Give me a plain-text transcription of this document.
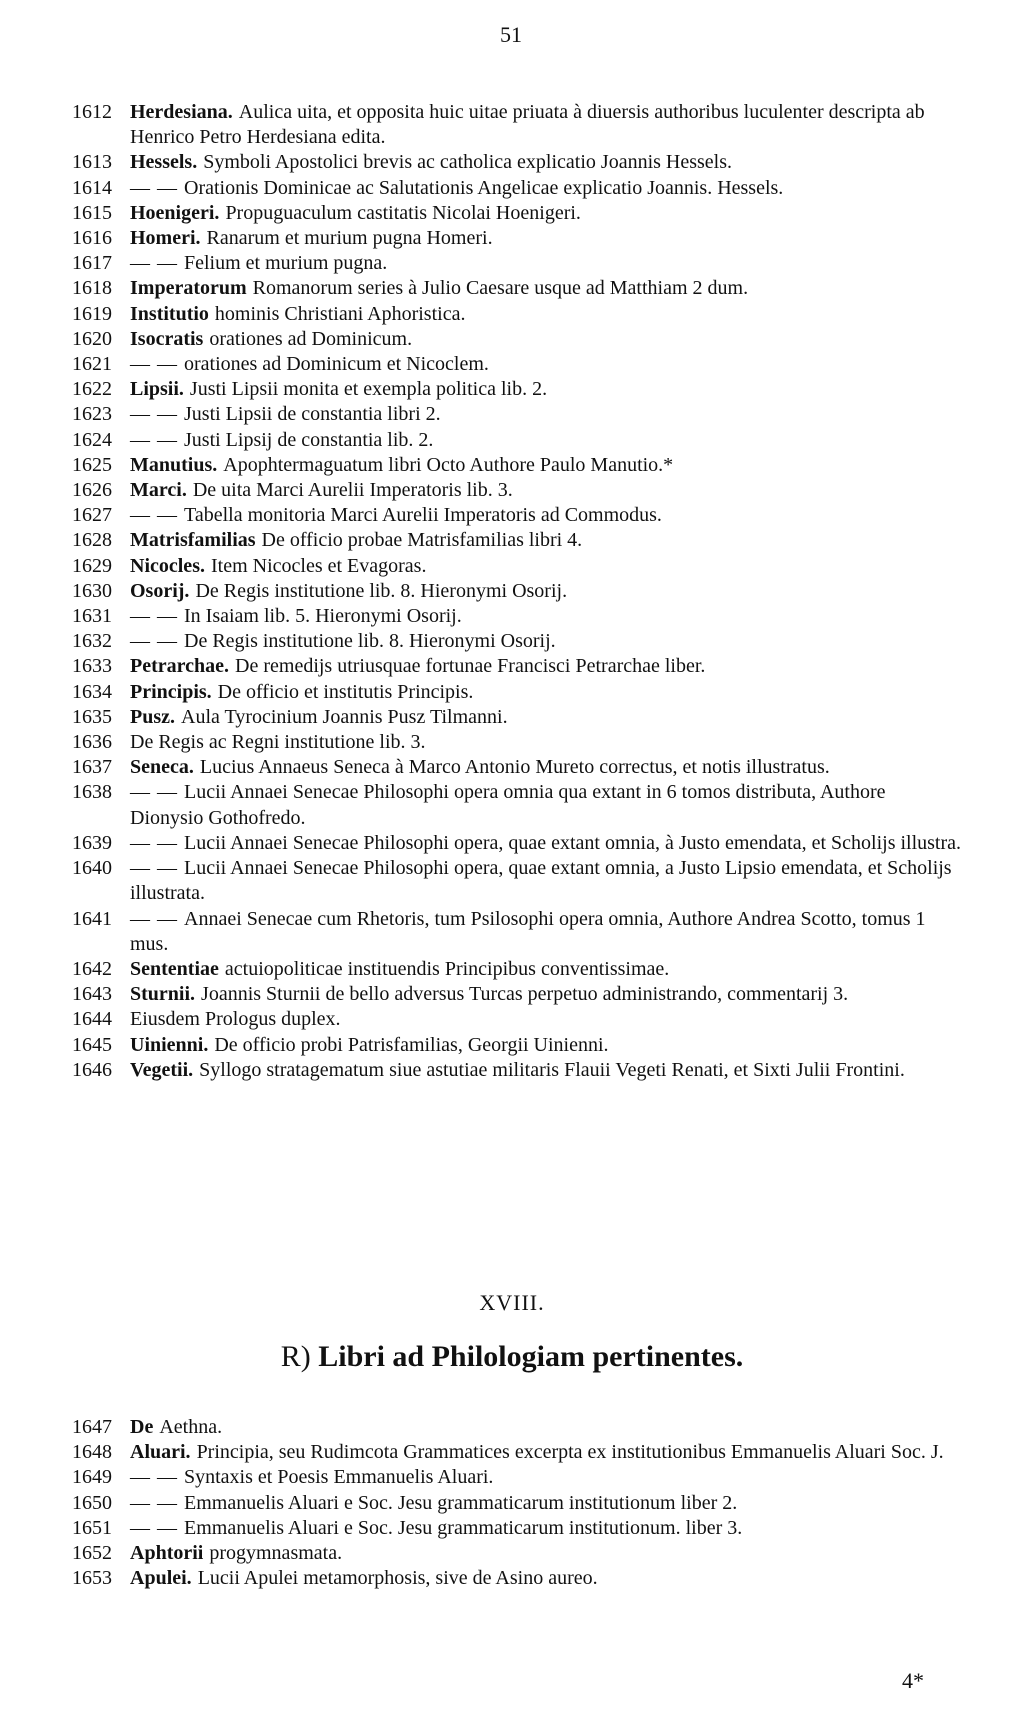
51
1612 Herdesiana. Aulica uita, et opposita huic uitae priuata à diuersis authoribus luculenter descripta ab Henrico Petro Herdesiana edita.
1613 Hessels. Symboli Apostolici brevis ac catholica explicatio Joannis Hessels.
1614 — — Orationis Dominicae ac Salutationis Angelicae explicatio Joannis. Hessels.
1615 Hoenigeri. Propuguaculum castitatis Nicolai Hoenigeri.
1616 Homeri. Ranarum et murium pugna Homeri.
1617 — — Felium et murium pugna.
1618 Imperatorum Romanorum series à Julio Caesare usque ad Matthiam 2 dum.
1619 Institutio hominis Christiani Aphoristica.
1620 Isocratis orationes ad Dominicum.
1621 — — orationes ad Dominicum et Nicoclem.
1622 Lipsii. Justi Lipsii monita et exempla politica lib. 2.
1623 — — Justi Lipsii de constantia libri 2.
1624 — — Justi Lipsij de constantia lib. 2.
1625 Manutius. Apophtermaguatum libri Octo Authore Paulo Manutio.*
1626 Marci. De uita Marci Aurelii Imperatoris lib. 3.
1627 — — Tabella monitoria Marci Aurelii Imperatoris ad Commodus.
1628 Matrisfamilias De officio probae Matrisfamilias libri 4.
1629 Nicocles. Item Nicocles et Evagoras.
1630 Osorij. De Regis institutione lib. 8. Hieronymi Osorij.
1631 — — In Isaiam lib. 5. Hieronymi Osorij.
1632 — — De Regis institutione lib. 8. Hieronymi Osorij.
1633 Petrarchae. De remedijs utriusquae fortunae Francisci Petrarchae liber.
1634 Principis. De officio et institutis Principis.
1635 Pusz. Aula Tyrocinium Joannis Pusz Tilmanni.
1636 De Regis ac Regni institutione lib. 3.
1637 Seneca. Lucius Annaeus Seneca à Marco Antonio Mureto correctus, et notis illustratus.
1638 — — Lucii Annaei Senecae Philosophi opera omnia qua extant in 6 tomos distributa, Authore Dionysio Gothofredo.
1639 — — Lucii Annaei Senecae Philosophi opera, quae extant omnia, à Justo emendata, et Scholijs illustra.
1640 — — Lucii Annaei Senecae Philosophi opera, quae extant omnia, a Justo Lipsio emendata, et Scholijs illustrata.
1641 — — Annaei Senecae cum Rhetoris, tum Psilosophi opera omnia, Authore Andrea Scotto, tomus 1 mus.
1642 Sententiae actuiopoliticae instituendis Principibus conventissimae.
1643 Sturnii. Joannis Sturnii de bello adversus Turcas perpetuo administrando, commentarij 3.
1644 Eiusdem Prologus duplex.
1645 Uinienni. De officio probi Patrisfamilias, Georgii Uinienni.
1646 Vegetii. Syllogo stratagematum siue astutiae militaris Flauii Vegeti Renati, et Sixti Julii Frontini.
XVIII.
R) Libri ad Philologiam pertinentes.
1647 De Aethna.
1648 Aluari. Principia, seu Rudimcota Grammatices excerpta ex institutionibus Emmanuelis Aluari Soc. J.
1649 — — Syntaxis et Poesis Emmanuelis Aluari.
1650 — — Emmanuelis Aluari e Soc. Jesu grammaticarum institutionum liber 2.
1651 — — Emmanuelis Aluari e Soc. Jesu grammaticarum institutionum. liber 3.
1652 Aphtorii progymnasmata.
1653 Apulei. Lucii Apulei metamorphosis, sive de Asino aureo.
4*
